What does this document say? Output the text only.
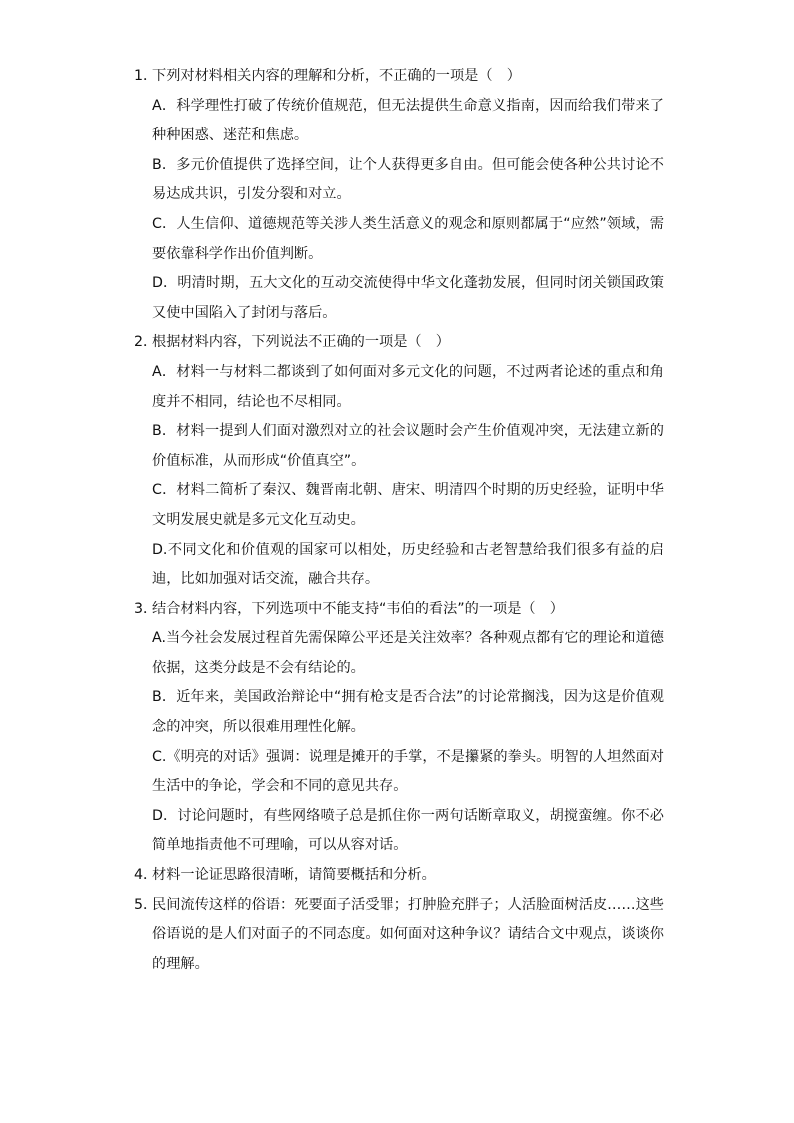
1．
下列对材料相关内容的理解和分析，不正确的一项是（　）
A．科学理性打破了传统价值规范，但无法提供生命意义指南，因而给我们带来了种种困惑、迷茫和焦虑。
B．多元价值提供了选择空间，让个人获得更多自由。但可能会使各种公共讨论不易达成共识，引发分裂和对立。
C．人生信仰、道德规范等关涉人类生活意义的观念和原则都属于“应然”领域，需要依靠科学作出价值判断。
D．明清时期，五大文化的互动交流使得中华文化蓬勃发展，但同时闭关锁国政策又使中国陷入了封闭与落后。
2．
根据材料内容，下列说法不正确的一项是（　）
A．材料一与材料二都谈到了如何面对多元文化的问题，不过两者论述的重点和角度并不相同，结论也不尽相同。
B．材料一提到人们面对激烈对立的社会议题时会产生价值观冲突，无法建立新的价值标准，从而形成“价值真空”。
C．材料二简析了秦汉、魏晋南北朝、唐宋、明清四个时期的历史经验，证明中华文明发展史就是多元文化互动史。
D.不同文化和价值观的国家可以相处，历史经验和古老智慧给我们很多有益的启迪，比如加强对话交流，融合共存。
3．
结合材料内容，下列选项中不能支持“韦伯的看法”的一项是（　）
A.当今社会发展过程首先需保障公平还是关注效率？各种观点都有它的理论和道德依据，这类分歧是不会有结论的。
B．近年来，美国政治辩论中“拥有枪支是否合法”的讨论常搁浅，因为这是价值观念的冲突，所以很难用理性化解。
C.《明亮的对话》强调：说理是摊开的手掌，不是攥紧的拳头。明智的人坦然面对生活中的争论，学会和不同的意见共存。
D．讨论问题时，有些网络喷子总是抓住你一两句话断章取义，胡搅蛮缠。你不必简单地指责他不可理喻，可以从容对话。
4．
材料一论证思路很清晰，请简要概括和分析。
5．
民间流传这样的俗语：死要面子活受罪；打肿脸充胖子；人活脸面树活皮……这些俗语说的是人们对面子的不同态度。如何面对这种争议？请结合文中观点，谈谈你的理解。
